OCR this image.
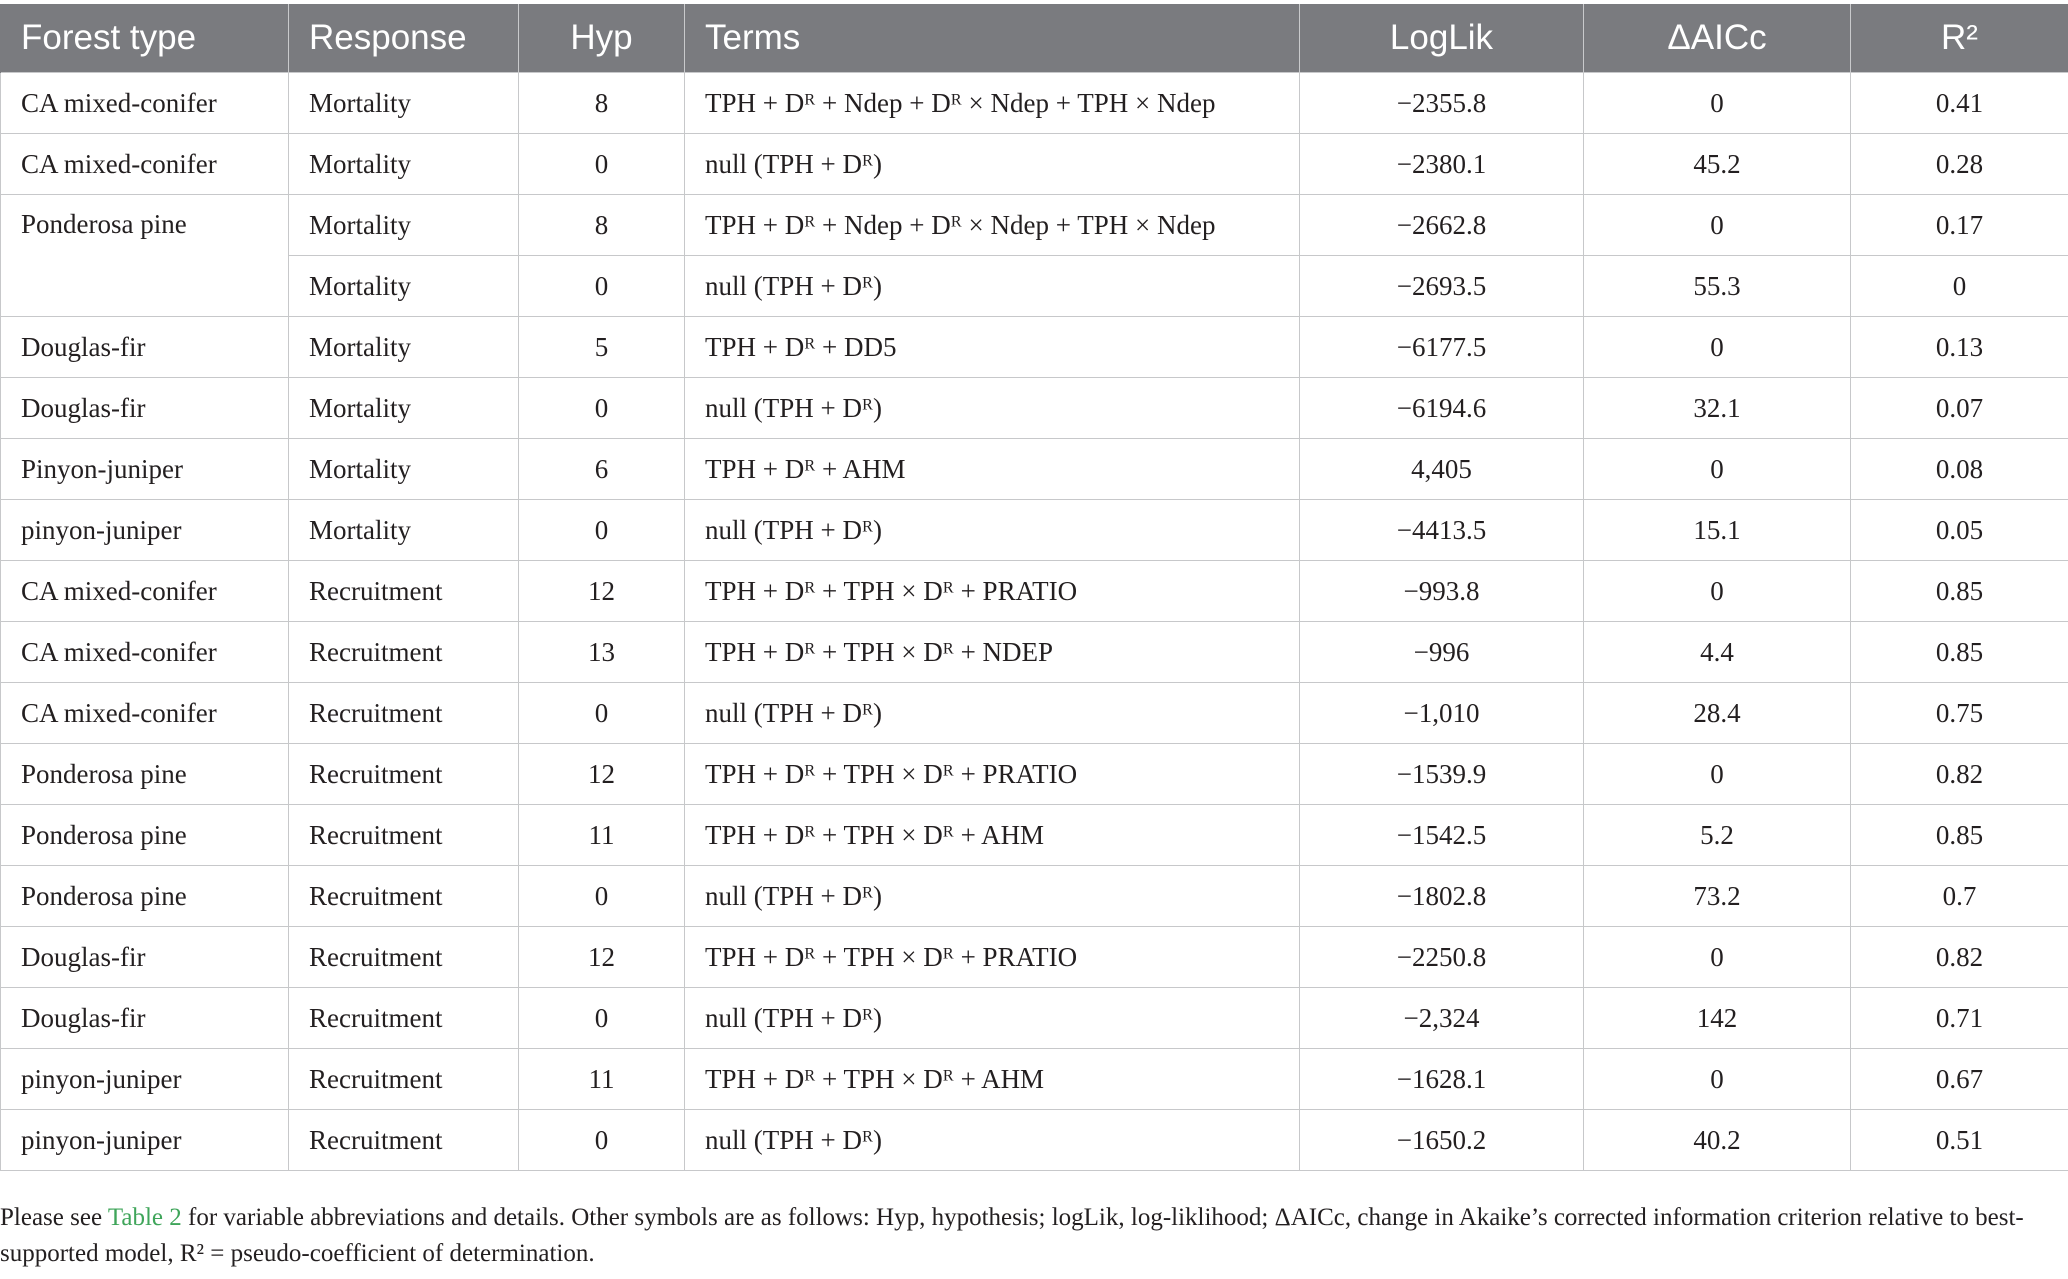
Forest type	Response	Hyp	Terms	LogLik	ΔAICc	R²
CA mixed-conifer	Mortality	8	TPH + Dᴿ + Ndep + Dᴿ × Ndep + TPH × Ndep	−2355.8	0	0.41
CA mixed-conifer	Mortality	0	null (TPH + Dᴿ)	−2380.1	45.2	0.28
Ponderosa pine	Mortality	8	TPH + Dᴿ + Ndep + Dᴿ × Ndep + TPH × Ndep	−2662.8	0	0.17
	Mortality	0	null (TPH + Dᴿ)	−2693.5	55.3	0
Douglas-fir	Mortality	5	TPH + Dᴿ + DD5	−6177.5	0	0.13
Douglas-fir	Mortality	0	null (TPH + Dᴿ)	−6194.6	32.1	0.07
Pinyon-juniper	Mortality	6	TPH + Dᴿ + AHM	4,405	0	0.08
pinyon-juniper	Mortality	0	null (TPH + Dᴿ)	−4413.5	15.1	0.05
CA mixed-conifer	Recruitment	12	TPH + Dᴿ + TPH × Dᴿ + PRATIO	−993.8	0	0.85
CA mixed-conifer	Recruitment	13	TPH + Dᴿ + TPH × Dᴿ + NDEP	−996	4.4	0.85
CA mixed-conifer	Recruitment	0	null (TPH + Dᴿ)	−1,010	28.4	0.75
Ponderosa pine	Recruitment	12	TPH + Dᴿ + TPH × Dᴿ + PRATIO	−1539.9	0	0.82
Ponderosa pine	Recruitment	11	TPH + Dᴿ + TPH × Dᴿ + AHM	−1542.5	5.2	0.85
Ponderosa pine	Recruitment	0	null (TPH + Dᴿ)	−1802.8	73.2	0.7
Douglas-fir	Recruitment	12	TPH + Dᴿ + TPH × Dᴿ + PRATIO	−2250.8	0	0.82
Douglas-fir	Recruitment	0	null (TPH + Dᴿ)	−2,324	142	0.71
pinyon-juniper	Recruitment	11	TPH + Dᴿ + TPH × Dᴿ + AHM	−1628.1	0	0.67
pinyon-juniper	Recruitment	0	null (TPH + Dᴿ)	−1650.2	40.2	0.51
Please see Table 2 for variable abbreviations and details. Other symbols are as follows: Hyp, hypothesis; logLik, log-liklihood; ΔAICc, change in Akaike’s corrected information criterion relative to best-supported model, R² = pseudo-coefficient of determination.
